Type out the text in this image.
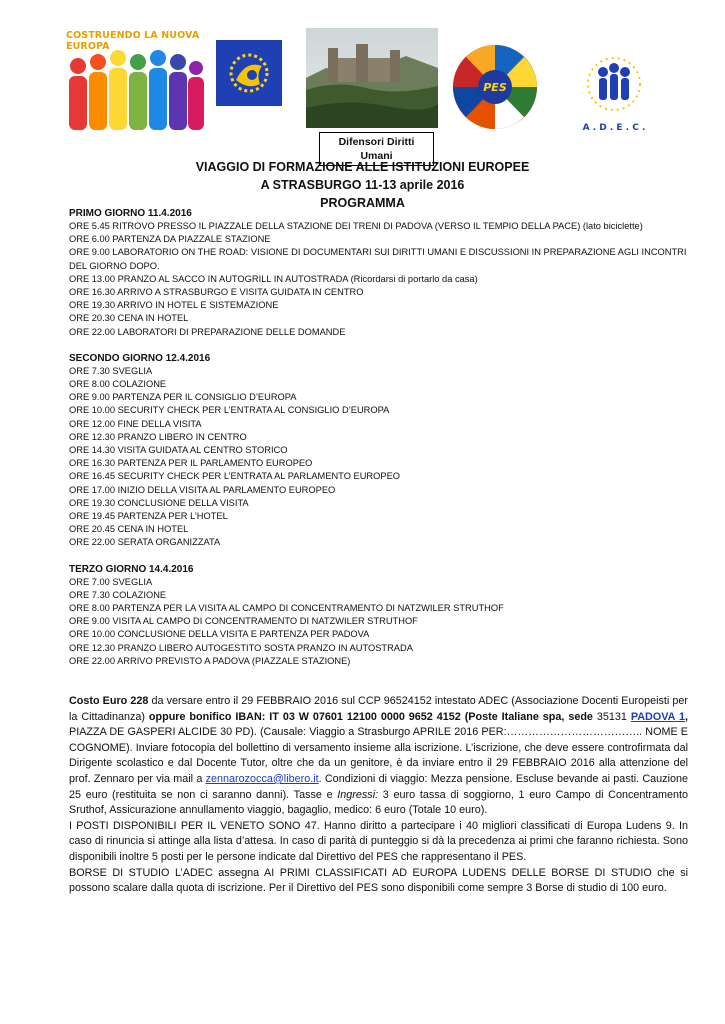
COSTRUENDO LA NUOVA EUROPA
Difensori Diritti
Umani
PES
A . D . E . C .
VIAGGIO DI FORMAZIONE ALLE ISTITUZIONI EUROPEE
A STRASBURGO 11-13 aprile 2016
PROGRAMMA
PRIMO GIORNO 11.4.2016
ORE 5.45 RITROVO PRESSO IL PIAZZALE DELLA STAZIONE DEI TRENI DI PADOVA (VERSO IL TEMPIO DELLA PACE) (lato biciclette)
ORE 6.00 PARTENZA DA PIAZZALE STAZIONE
ORE 9.00 LABORATORIO ON THE ROAD: VISIONE DI DOCUMENTARI SUI DIRITTI UMANI E DISCUSSIONI IN PREPARAZIONE AGLI INCONTRI DEL GIORNO DOPO.
ORE 13.00 PRANZO AL SACCO IN AUTOGRILL IN AUTOSTRADA (Ricordarsi di portarlo da casa)
ORE 16.30 ARRIVO A STRASBURGO E VISITA GUIDATA IN CENTRO
ORE 19.30 ARRIVO IN HOTEL E SISTEMAZIONE
ORE 20.30 CENA IN HOTEL
ORE 22.00 LABORATORI DI PREPARAZIONE DELLE DOMANDE
SECONDO GIORNO 12.4.2016
ORE 7.30 SVEGLIA
ORE 8.00 COLAZIONE
ORE 9.00 PARTENZA PER IL CONSIGLIO D’EUROPA
ORE 10.00 SECURITY CHECK PER L’ENTRATA AL CONSIGLIO D’EUROPA
ORE 12.00 FINE DELLA VISITA
ORE 12.30 PRANZO LIBERO IN CENTRO
ORE 14.30 VISITA GUIDATA AL CENTRO STORICO
ORE 16.30 PARTENZA PER IL PARLAMENTO EUROPEO
ORE 16.45 SECURITY CHECK PER L’ENTRATA AL PARLAMENTO EUROPEO
ORE 17.00 INIZIO DELLA VISITA AL PARLAMENTO EUROPEO
ORE 19.30 CONCLUSIONE DELLA VISITA
ORE 19.45 PARTENZA PER L’HOTEL
ORE 20.45 CENA IN HOTEL
ORE 22.00 SERATA ORGANIZZATA
TERZO GIORNO 14.4.2016
ORE 7.00 SVEGLIA
ORE 7.30 COLAZIONE
ORE 8.00 PARTENZA PER LA VISITA AL CAMPO DI CONCENTRAMENTO DI NATZWILER STRUTHOF
ORE 9.00 VISITA AL CAMPO DI CONCENTRAMENTO DI NATZWILER STRUTHOF
ORE 10.00 CONCLUSIONE DELLA VISITA E PARTENZA PER PADOVA
ORE 12.30 PRANZO LIBERO AUTOGESTITO SOSTA PRANZO IN AUTOSTRADA
ORE 22.00 ARRIVO PREVISTO A PADOVA (PIAZZALE STAZIONE)

Costo Euro 228 da versare entro il 29 FEBBRAIO 2016 sul CCP 96524152 intestato ADEC (Associazione Docenti Europeisti per la Cittadinanza) oppure bonifico IBAN: IT 03 W 07601 12100 0000 9652 4152 (Poste Italiane spa, sede 35131 PADOVA 1, PIAZZA DE GASPERI ALCIDE 30 PD). (Causale: Viaggio a Strasburgo APRILE 2016 PER:……………………………….. NOME E COGNOME). Inviare fotocopia del bollettino di versamento insieme alla iscrizione. L’iscrizione, che deve essere controfirmata dal Dirigente scolastico e dal Docente Tutor, oltre che da un genitore, è da inviare entro il 29 FEBBRAIO 2016 alla attenzione del prof. Zennaro per via mail a zennarozocca@libero.it. Condizioni di viaggio: Mezza pensione. Escluse bevande ai pasti. Cauzione 25 euro (restituita se non ci saranno danni). Tasse e Ingressi: 3 euro tassa di soggiorno, 1 euro Campo di Concentramento Sruthof, Assicurazione annullamento viaggio, bagaglio, medico: 6 euro (Totale 10 euro).

I POSTI DISPONIBILI PER IL VENETO SONO 47. Hanno diritto a partecipare i 40 migliori classificati di Europa Ludens 9. In caso di rinuncia si attinge alla lista d’attesa. In caso di parità di punteggio si dà la precedenza ai primi che faranno richiesta. Sono disponibili inoltre 5 posti per le persone indicate dal Direttivo del PES che rappresentano il PES.

BORSE DI STUDIO L’ADEC assegna AI PRIMI CLASSIFICATI AD EUROPA LUDENS DELLE BORSE DI STUDIO che si possono scalare dalla quota di iscrizione. Per il Direttivo del PES sono disponibili come sempre 3 Borse di studio di 100 euro.
